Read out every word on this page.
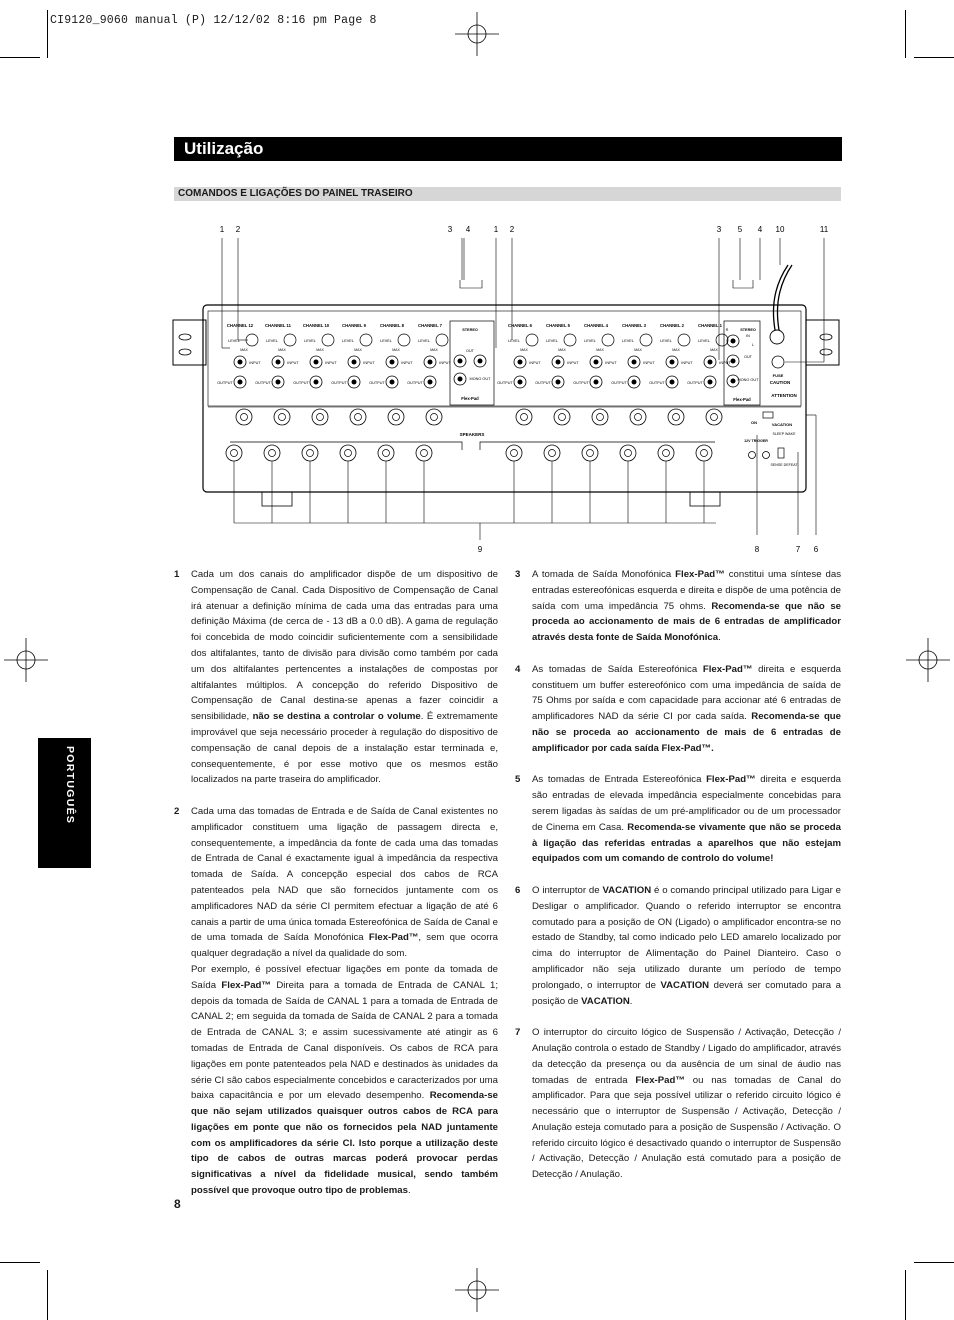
CI9120_9060 manual (P) 12/12/02 8:16 pm Page 8
Utilização
COMANDOS E LIGAÇÕES DO PAINEL TRASEIRO
1 2	3 4	1 2	3 5 4 10	11
9	8	7 6
CHANNEL 12
LEVEL
MAX
INPUT
OUTPUT
CHANNEL 11
LEVEL
MAX
INPUT
OUTPUT
CHANNEL 10
LEVEL
MAX
INPUT
OUTPUT
CHANNEL 9
LEVEL
MAX
INPUT
OUTPUT
CHANNEL 8
LEVEL
MAX
INPUT
OUTPUT
CHANNEL 7
LEVEL
MAX
INPUT
OUTPUT
CHANNEL 6
LEVEL
MAX
INPUT
OUTPUT
CHANNEL 5
LEVEL
MAX
INPUT
OUTPUT
CHANNEL 4
LEVEL
MAX
INPUT
OUTPUT
CHANNEL 3
LEVEL
MAX
INPUT
OUTPUT
CHANNEL 2
LEVEL
MAX
INPUT
OUTPUT
CHANNEL 1
LEVEL
MAX
INPUT
OUTPUT
SPEAKERS
STEREO
OUT
MONO OUT
Flex-Pad
STEREO
IN
OUT
MONO OUT
Flex-Pad
R
L
FUSE
CAUTION
ATTENTION
ON	VACATION
SLEEP WAKE
SENSE DEFEAT
12V TRIGGER
PORTUGUÊS

1 Cada um dos canais do amplificador dispõe de um dispositivo de Compensação de Canal. Cada Dispositivo de Compensação de Canal irá atenuar a definição mínima de cada uma das entradas para uma definição Máxima (de cerca de - 13 dB a 0.0 dB). A gama de regulação foi concebida de modo coincidir suficientemente com a sensibilidade dos altifalantes, tanto de divisão para divisão como também por cada um dos altifalantes pertencentes a instalações de compostas por altifalantes múltiplos. A concepção do referido Dispositivo de Compensação de Canal destina-se apenas a fazer coincidir a sensibilidade, não se destina a controlar o volume. É extremamente improvável que seja necessário proceder à regulação do dispositivo de compensação de canal depois de a instalação estar terminada e, consequentemente, é por esse motivo que os mesmos estão localizados na parte traseira do amplificador.

2 Cada uma das tomadas de Entrada e de Saída de Canal existentes no amplificador constituem uma ligação de passagem directa e, consequentemente, a impedância da fonte de cada uma das tomadas de Entrada de Canal é exactamente igual à impedância da respectiva tomada de Saída. A concepção especial dos cabos de RCA patenteados pela NAD que são fornecidos juntamente com os amplificadores NAD da série CI permitem efectuar a ligação de até 6 canais a partir de uma única tomada Estereofónica de Saída de Canal e de uma tomada de Saída Monofónica Flex-Pad™, sem que ocorra qualquer degradação a nível da qualidade do som.

Por exemplo, é possível efectuar ligações em ponte da tomada de Saída Flex-Pad™ Direita para a tomada de Entrada de CANAL 1; depois da tomada de Saída de CANAL 1 para a tomada de Entrada de CANAL 2; em seguida da tomada de Saída de CANAL 2 para a tomada de Entrada de CANAL 3; e assim sucessivamente até atingir as 6 tomadas de Entrada de Canal disponíveis. Os cabos de RCA para ligações em ponte patenteados pela NAD e destinados às unidades da série CI são cabos especialmente concebidos e caracterizados por uma baixa capacitância e por um elevado desempenho. Recomenda-se que não sejam utilizados quaisquer outros cabos de RCA para ligações em ponte que não os fornecidos pela NAD juntamente com os amplificadores da série CI. Isto porque a utilização deste tipo de cabos de outras marcas poderá provocar perdas significativas a nível da fidelidade musical, sendo também possível que provoque outro tipo de problemas.

3 A tomada de Saída Monofónica Flex-Pad™ constitui uma síntese das entradas estereofónicas esquerda e direita e dispõe de uma potência de saída com uma impedância 75 ohms. Recomenda-se que não se proceda ao accionamento de mais de 6 entradas de amplificador através desta fonte de Saída Monofónica.

4 As tomadas de Saída Estereofónica Flex-Pad™ direita e esquerda constituem um buffer estereofónico com uma impedância de saída de 75 Ohms por saída e com capacidade para accionar até 6 entradas de amplificadores NAD da série CI por cada saída. Recomenda-se que não se proceda ao accionamento de mais de 6 entradas de amplificador por cada saída Flex-Pad™.

5 As tomadas de Entrada Estereofónica Flex-Pad™ direita e esquerda são entradas de elevada impedância especialmente concebidas para serem ligadas às saídas de um pré-amplificador ou de um processador de Cinema em Casa. Recomenda-se vivamente que não se proceda à ligação das referidas entradas a aparelhos que não estejam equipados com um comando de controlo do volume!

6 O interruptor de VACATION é o comando principal utilizado para Ligar e Desligar o amplificador. Quando o referido interruptor se encontra comutado para a posição de ON (Ligado) o amplificador encontra-se no estado de Standby, tal como indicado pelo LED amarelo localizado por cima do interruptor de Alimentação do Painel Dianteiro. Caso o amplificador não seja utilizado durante um período de tempo prolongado, o interruptor de VACATION deverá ser comutado para a posição de VACATION.

7 O interruptor do circuito lógico de Suspensão / Activação, Detecção / Anulação controla o estado de Standby / Ligado do amplificador, através da detecção da presença ou da ausência de um sinal de áudio nas tomadas de entrada Flex-Pad™ ou nas tomadas de Canal do amplificador. Para que seja possível utilizar o referido circuito lógico é necessário que o interruptor de Suspensão / Activação, Detecção / Anulação esteja comutado para a posição de Suspensão / Activação. O referido circuito lógico é desactivado quando o interruptor de Suspensão / Activação, Detecção / Anulação está comutado para a posição de Detecção / Anulação.

8
